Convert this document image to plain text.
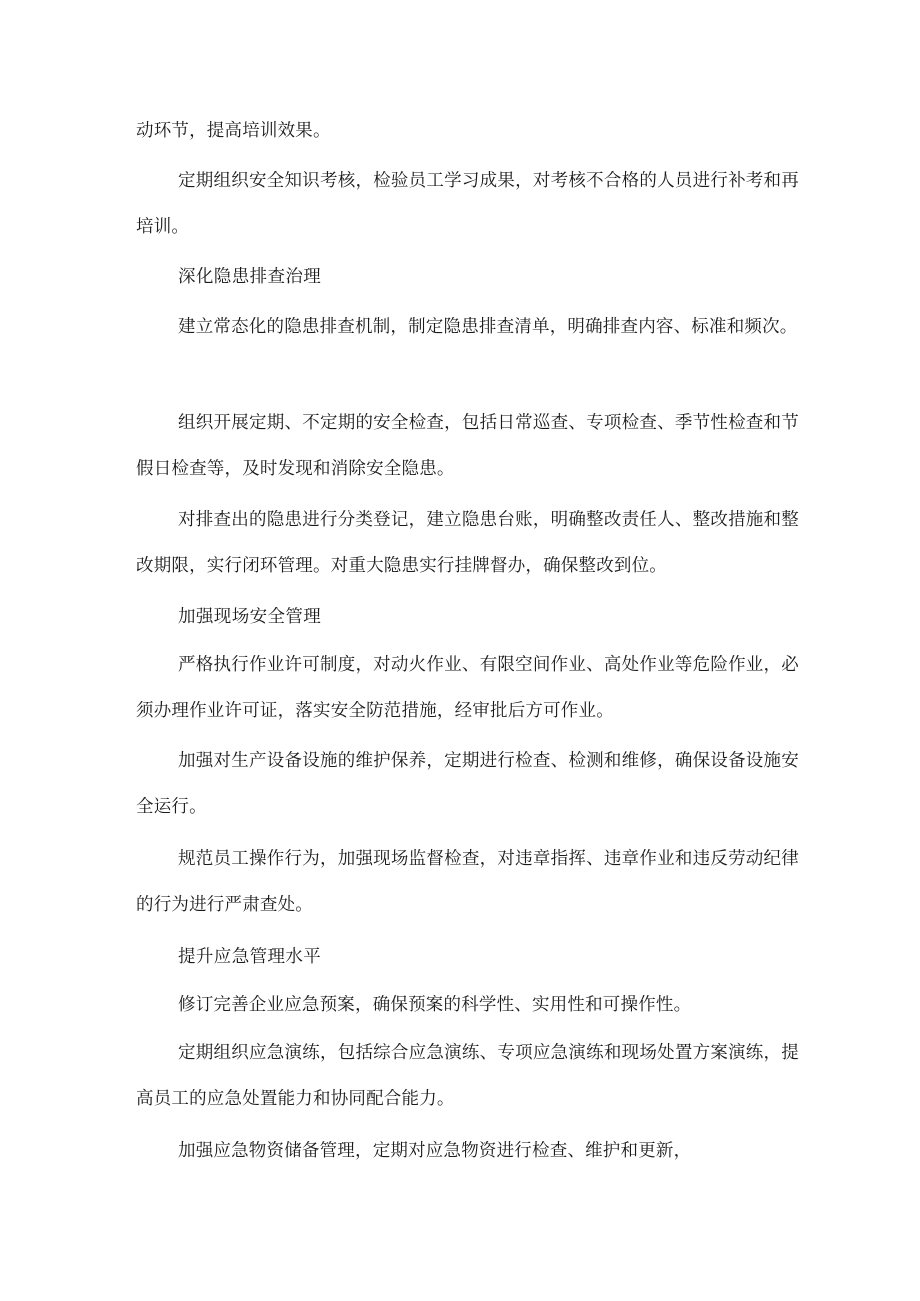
动环节，提高培训效果。

定期组织安全知识考核，检验员工学习成果，对考核不合格的人员进行补考和再培训。

深化隐患排查治理

建立常态化的隐患排查机制，制定隐患排查清单，明确排查内容、标准和频次。

组织开展定期、不定期的安全检查，包括日常巡查、专项检查、季节性检查和节假日检查等，及时发现和消除安全隐患。

对排查出的隐患进行分类登记，建立隐患台账，明确整改责任人、整改措施和整改期限，实行闭环管理。对重大隐患实行挂牌督办，确保整改到位。

加强现场安全管理

严格执行作业许可制度，对动火作业、有限空间作业、高处作业等危险作业，必须办理作业许可证，落实安全防范措施，经审批后方可作业。

加强对生产设备设施的维护保养，定期进行检查、检测和维修，确保设备设施安全运行。

规范员工操作行为，加强现场监督检查，对违章指挥、违章作业和违反劳动纪律的行为进行严肃查处。

提升应急管理水平

修订完善企业应急预案，确保预案的科学性、实用性和可操作性。

定期组织应急演练，包括综合应急演练、专项应急演练和现场处置方案演练，提高员工的应急处置能力和协同配合能力。

加强应急物资储备管理，定期对应急物资进行检查、维护和更新，
